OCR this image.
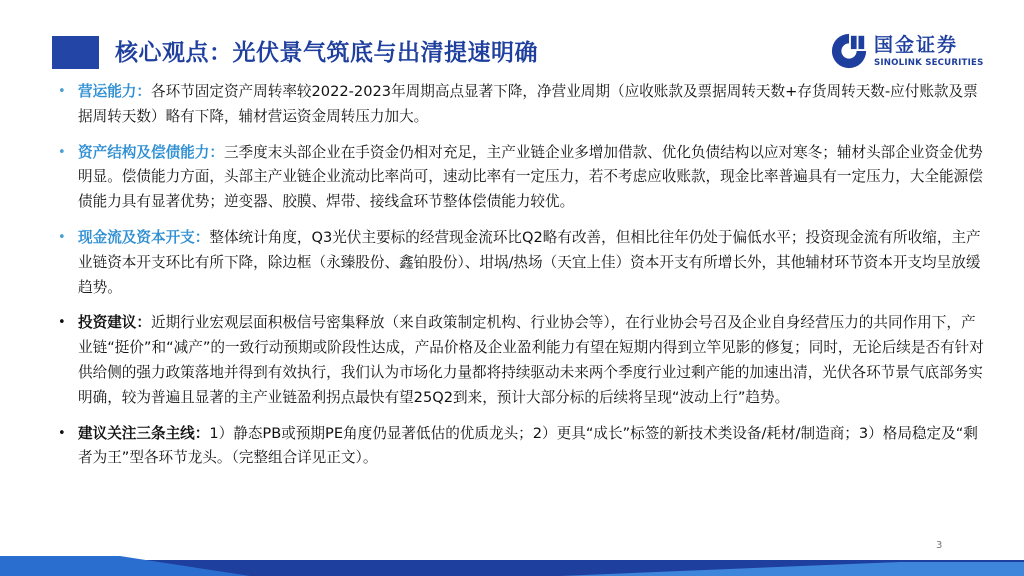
核心观点：光伏景气筑底与出清提速明确	国金证券
SINOLINK SECURITIES
• 营运能力：各环节固定资产周转率较2022-2023年周期高点显著下降，净营业周期（应收账款及票据周转天数+存货周转天数-应付账款及票据周转天数）略有下降，辅材营运资金周转压力加大。
• 资产结构及偿债能力：三季度末头部企业在手资金仍相对充足，主产业链企业多增加借款、优化负债结构以应对寒冬；辅材头部企业资金优势明显。偿债能力方面，头部主产业链企业流动比率尚可，速动比率有一定压力，若不考虑应收账款，现金比率普遍具有一定压力，大全能源偿债能力具有显著优势；逆变器、胶膜、焊带、接线盒环节整体偿债能力较优。
• 现金流及资本开支：整体统计角度，Q3光伏主要标的经营现金流环比Q2略有改善，但相比往年仍处于偏低水平；投资现金流有所收缩，主产业链资本开支环比有所下降，除边框（永臻股份、鑫铂股份）、坩埚/热场（天宜上佳）资本开支有所增长外，其他辅材环节资本开支均呈放缓趋势。
• 投资建议：近期行业宏观层面积极信号密集释放（来自政策制定机构、行业协会等），在行业协会号召及企业自身经营压力的共同作用下，产业链“挺价”和“减产”的一致行动预期或阶段性达成，产品价格及企业盈利能力有望在短期内得到立竿见影的修复；同时，无论后续是否有针对供给侧的强力政策落地并得到有效执行，我们认为市场化力量都将持续驱动未来两个季度行业过剩产能的加速出清，光伏各环节景气底部务实明确，较为普遍且显著的主产业链盈利拐点最快有望25Q2到来，预计大部分标的后续将呈现“波动上行”趋势。
• 建议关注三条主线：1）静态PB或预期PE角度仍显著低估的优质龙头；2）更具“成长”标签的新技术类设备/耗材/制造商；3）格局稳定及“剩者为王”型各环节龙头。（完整组合详见正文）。
3
